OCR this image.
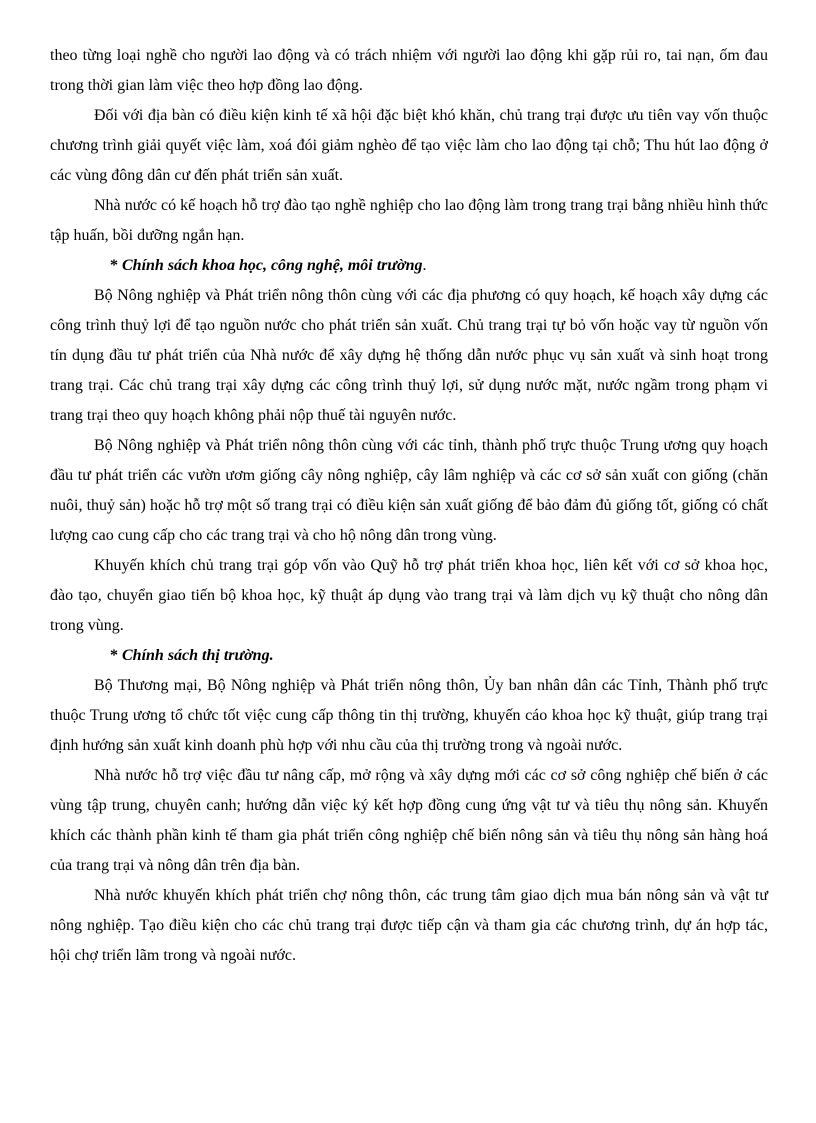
theo từng loại nghề cho người lao động và có trách nhiệm với người lao động khi gặp rủi ro, tai nạn, ốm đau trong thời gian làm việc theo hợp đồng lao động.

Đối với địa bàn có điều kiện kinh tế xã hội đặc biệt khó khăn, chủ trang trại được ưu tiên vay vốn thuộc chương trình giải quyết việc làm, xoá đói giảm nghèo để tạo việc làm cho lao động tại chỗ; Thu hút lao động ở các vùng đông dân cư đến phát triển sản xuất.

Nhà nước có kế hoạch hỗ trợ đào tạo nghề nghiệp cho lao động làm trong trang trại bằng nhiều hình thức tập huấn, bồi dưỡng ngắn hạn.

* Chính sách khoa học, công nghệ, môi trường.

Bộ Nông nghiệp và Phát triển nông thôn cùng với các địa phương có quy hoạch, kế hoạch xây dựng các công trình thuỷ lợi để tạo nguồn nước cho phát triển sản xuất. Chủ trang trại tự bỏ vốn hoặc vay từ nguồn vốn tín dụng đầu tư phát triển của Nhà nước để xây dựng hệ thống dẫn nước phục vụ sản xuất và sinh hoạt trong trang trại. Các chủ trang trại xây dựng các công trình thuỷ lợi, sử dụng nước mặt, nước ngầm trong phạm vi trang trại theo quy hoạch không phải nộp thuế tài nguyên nước.

Bộ Nông nghiệp và Phát triển nông thôn cùng với các tỉnh, thành phố trực thuộc Trung ương quy hoạch đầu tư phát triển các vườn ươm giống cây nông nghiệp, cây lâm nghiệp và các cơ sở sản xuất con giống (chăn nuôi, thuỷ sản) hoặc hỗ trợ một số trang trại có điều kiện sản xuất giống để bảo đảm đủ giống tốt, giống có chất lượng cao cung cấp cho các trang trại và cho hộ nông dân trong vùng.

Khuyến khích chủ trang trại góp vốn vào Quỹ hỗ trợ phát triển khoa học, liên kết với cơ sở khoa học, đào tạo, chuyển giao tiến bộ khoa học, kỹ thuật áp dụng vào trang trại và làm dịch vụ kỹ thuật cho nông dân trong vùng.

* Chính sách thị trường.

Bộ Thương mại, Bộ Nông nghiệp và Phát triển nông thôn, Ủy ban nhân dân các Tỉnh, Thành phố trực thuộc Trung ương tổ chức tốt việc cung cấp thông tin thị trường, khuyến cáo khoa học kỹ thuật, giúp trang trại định hướng sản xuất kinh doanh phù hợp với nhu cầu của thị trường trong và ngoài nước.

Nhà nước hỗ trợ việc đầu tư nâng cấp, mở rộng và xây dựng mới các cơ sở công nghiệp chế biến ở các vùng tập trung, chuyên canh; hướng dẫn việc ký kết hợp đồng cung ứng vật tư và tiêu thụ nông sản. Khuyến khích các thành phần kinh tế tham gia phát triển công nghiệp chế biến nông sản và tiêu thụ nông sản hàng hoá của trang trại và nông dân trên địa bàn.

Nhà nước khuyến khích phát triển chợ nông thôn, các trung tâm giao dịch mua bán nông sản và vật tư nông nghiệp. Tạo điều kiện cho các chủ trang trại được tiếp cận và tham gia các chương trình, dự án hợp tác, hội chợ triển lãm trong và ngoài nước.
